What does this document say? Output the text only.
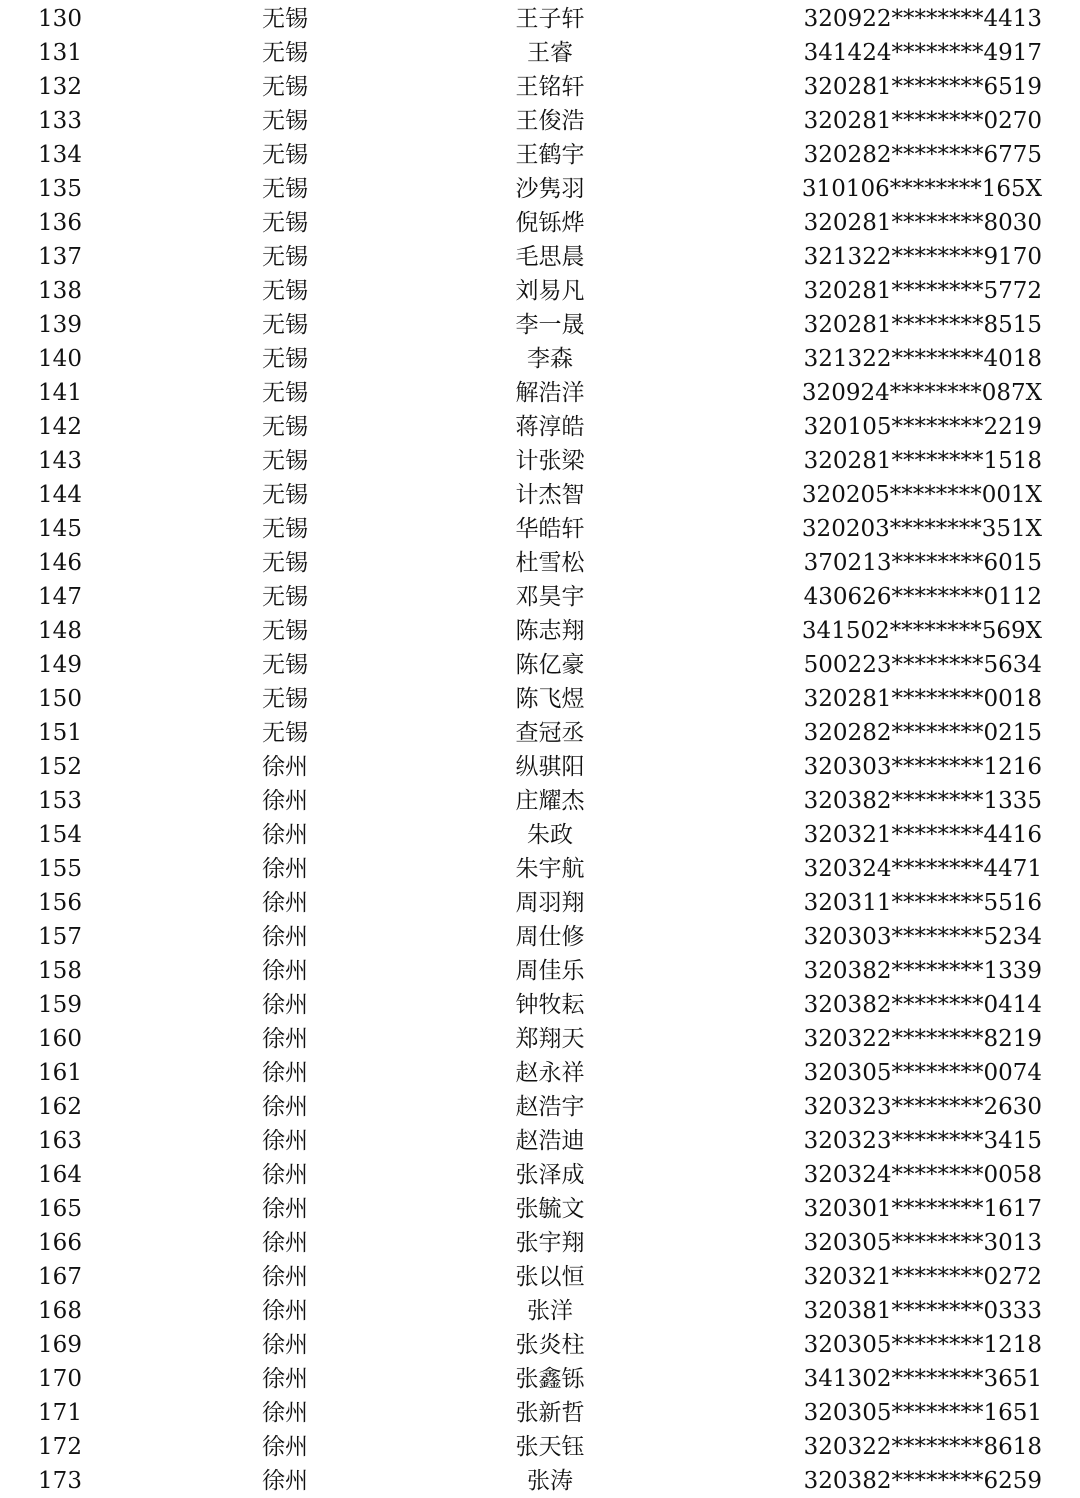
130	无锡	王子轩	320922********4413
131	无锡	王睿	341424********4917
132	无锡	王铭轩	320281********6519
133	无锡	王俊浩	320281********0270
134	无锡	王鹤宇	320282********6775
135	无锡	沙隽羽	310106********165X
136	无锡	倪铄烨	320281********8030
137	无锡	毛思晨	321322********9170
138	无锡	刘易凡	320281********5772
139	无锡	李一晟	320281********8515
140	无锡	李森	321322********4018
141	无锡	解浩洋	320924********087X
142	无锡	蒋淳皓	320105********2219
143	无锡	计张梁	320281********1518
144	无锡	计杰智	320205********001X
145	无锡	华皓轩	320203********351X
146	无锡	杜雪松	370213********6015
147	无锡	邓昊宇	430626********0112
148	无锡	陈志翔	341502********569X
149	无锡	陈亿豪	500223********5634
150	无锡	陈飞煜	320281********0018
151	无锡	查冠丞	320282********0215
152	徐州	纵骐阳	320303********1216
153	徐州	庄耀杰	320382********1335
154	徐州	朱政	320321********4416
155	徐州	朱宇航	320324********4471
156	徐州	周羽翔	320311********5516
157	徐州	周仕修	320303********5234
158	徐州	周佳乐	320382********1339
159	徐州	钟牧耘	320382********0414
160	徐州	郑翔天	320322********8219
161	徐州	赵永祥	320305********0074
162	徐州	赵浩宇	320323********2630
163	徐州	赵浩迪	320323********3415
164	徐州	张泽成	320324********0058
165	徐州	张毓文	320301********1617
166	徐州	张宇翔	320305********3013
167	徐州	张以恒	320321********0272
168	徐州	张洋	320381********0333
169	徐州	张炎柱	320305********1218
170	徐州	张鑫铄	341302********3651
171	徐州	张新哲	320305********1651
172	徐州	张天钰	320322********8618
173	徐州	张涛	320382********6259
